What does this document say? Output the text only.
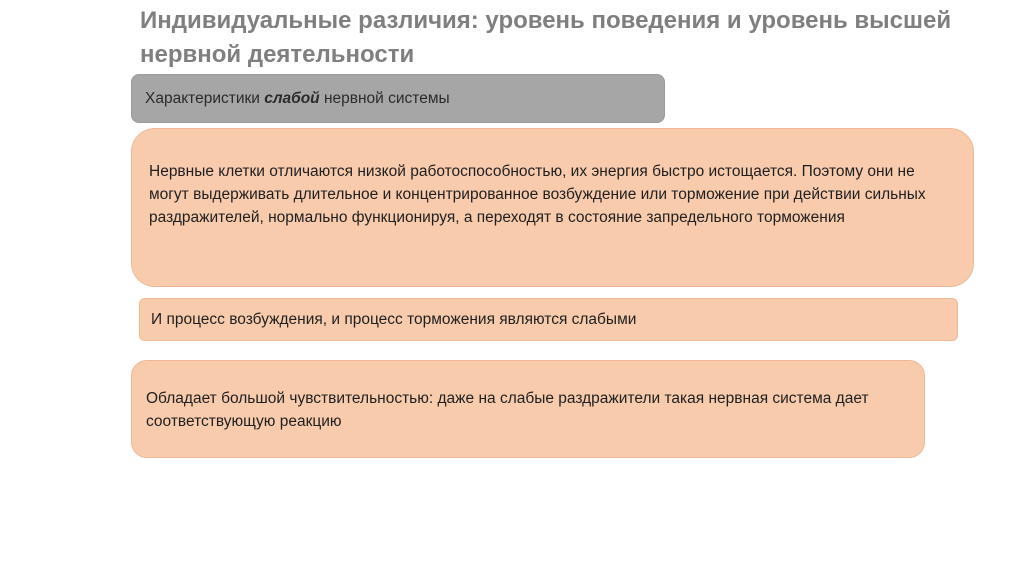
Индивидуальные различия: уровень поведения и уровень высшей нервной деятельности
Характеристики слабой нервной системы
Нервные клетки отличаются низкой работоспособностью, их энергия быстро истощается. Поэтому они не могут выдерживать длительное и концентрированное возбуждение или торможение при действии сильных раздражителей, нормально функционируя, а переходят в состояние запредельного торможения
И процесс возбуждения, и процесс торможения являются слабыми
Обладает большой чувствительностью: даже на слабые раздражители такая нервная система дает соответствующую реакцию
